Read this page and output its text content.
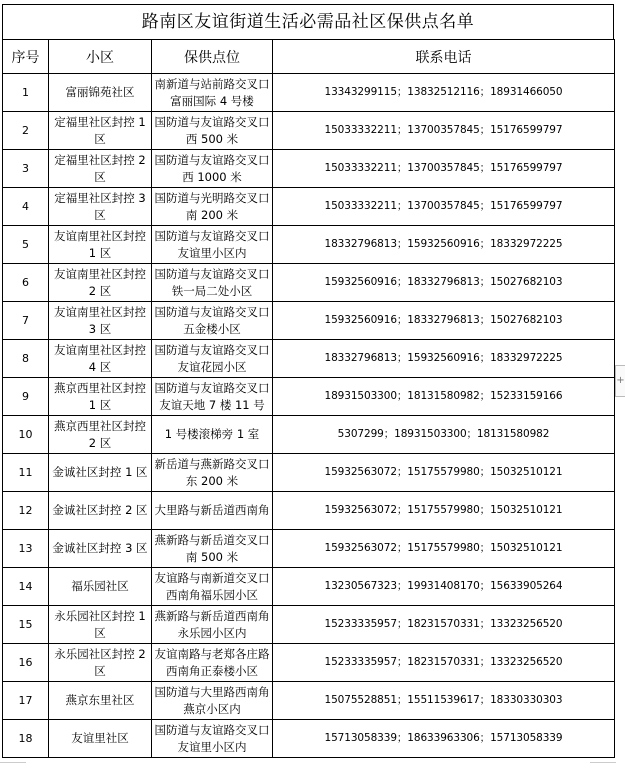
路南区友谊街道生活必需品社区保供点名单
序号	小区	保供点位	联系电话
1	富丽锦苑社区	南新道与站前路交叉口富丽国际 4 号楼	13343299115；13832512116；18931466050
2	定福里社区封控 1 区	国防道与友谊路交叉口西 500 米	15033332211；13700357845；15176599797
3	定福里社区封控 2 区	国防道与友谊路交叉口西 1000 米	15033332211；13700357845；15176599797
4	定福里社区封控 3 区	国防道与光明路交叉口南 200 米	15033332211；13700357845；15176599797
5	友谊南里社区封控 1 区	国防道与友谊路交叉口友谊里小区内	18332796813；15932560916；18332972225
6	友谊南里社区封控 2 区	国防道与友谊路交叉口铁一局二处小区	15932560916；18332796813；15027682103
7	友谊南里社区封控 3 区	国防道与友谊路交叉口五金楼小区	15932560916；18332796813；15027682103
8	友谊南里社区封控 4 区	国防道与友谊路交叉口友谊花园小区	18332796813；15932560916；18332972225
9	燕京西里社区封控 1 区	国防道与友谊路交叉口友谊天地 7 楼 11 号	18931503300；18131580982；15233159166
10	燕京西里社区封控 2 区	1 号楼滚梯旁 1 室	5307299；18931503300；18131580982
11	金诚社区封控 1 区	新岳道与燕新路交叉口东 200 米	15932563072；15175579980；15032510121
12	金诚社区封控 2 区	大里路与新岳道西南角	15932563072；15175579980；15032510121
13	金诚社区封控 3 区	燕新路与新岳道交叉口南 500 米	15932563072；15175579980；15032510121
14	福乐园社区	友谊路与南新道交叉口西南角福乐园小区	13230567323；19931408170；15633905264
15	永乐园社区封控 1 区	燕新路与新岳道西南角永乐园小区内	15233335957；18231570331；13323256520
16	永乐园社区封控 2 区	友谊南路与老郑各庄路西南角正泰楼小区	15233335957；18231570331；13323256520
17	燕京东里社区	国防道与大里路西南角燕京小区内	15075528851；15511539617；18330330303
18	友谊里社区	国防道与友谊路交叉口友谊里小区内	15713058339；18633963306；15713058339
+
